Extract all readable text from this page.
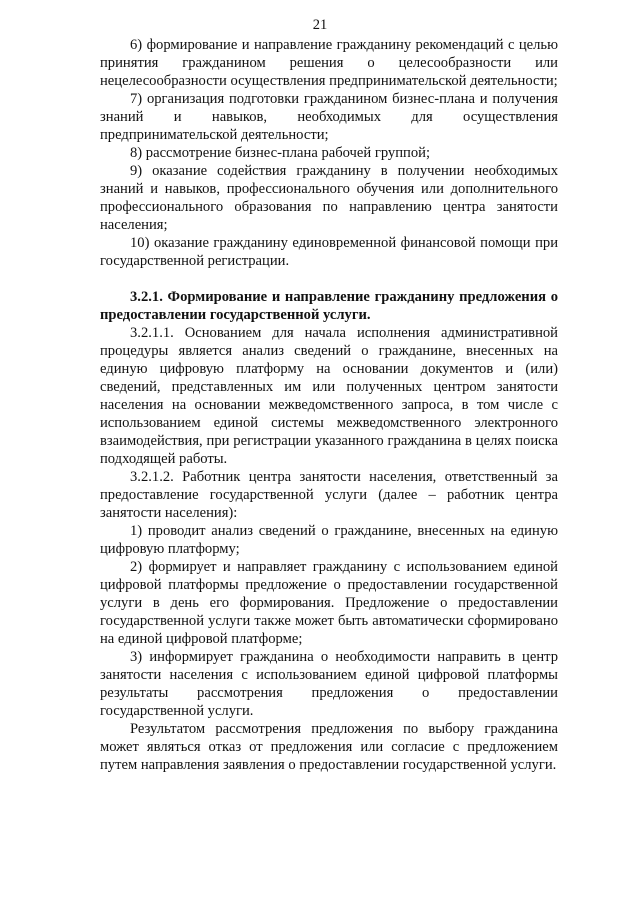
21

6) формирование и направление гражданину рекомендаций с целью принятия гражданином решения о целесообразности или нецелесообразности осуществления предпринимательской деятельности;

7) организация подготовки гражданином бизнес-плана и получения знаний и навыков, необходимых для осуществления предпринимательской деятельности;

8) рассмотрение бизнес-плана рабочей группой;

9) оказание содействия гражданину в получении необходимых знаний и навыков, профессионального обучения или дополнительного профессионального образования по направлению центра занятости населения;

10) оказание гражданину единовременной финансовой помощи при государственной регистрации.

3.2.1. Формирование и направление гражданину предложения о предоставлении государственной услуги.

3.2.1.1. Основанием для начала исполнения административной процедуры является анализ сведений о гражданине, внесенных на единую цифровую платформу на основании документов и (или) сведений, представленных им или полученных центром занятости населения на основании межведомственного запроса, в том числе с использованием единой системы межведомственного электронного взаимодействия, при регистрации указанного гражданина в целях поиска подходящей работы.

3.2.1.2. Работник центра занятости населения, ответственный за предоставление государственной услуги (далее – работник центра занятости населения):

1) проводит анализ сведений о гражданине, внесенных на единую цифровую платформу;

2) формирует и направляет гражданину с использованием единой цифровой платформы предложение о предоставлении государственной услуги в день его формирования. Предложение о предоставлении государственной услуги также может быть автоматически сформировано на единой цифровой платформе;

3) информирует гражданина о необходимости направить в центр занятости населения с использованием единой цифровой платформы результаты рассмотрения предложения о предоставлении государственной услуги.

Результатом рассмотрения предложения по выбору гражданина может являться отказ от предложения или согласие с предложением путем направления заявления о предоставлении государственной услуги.
